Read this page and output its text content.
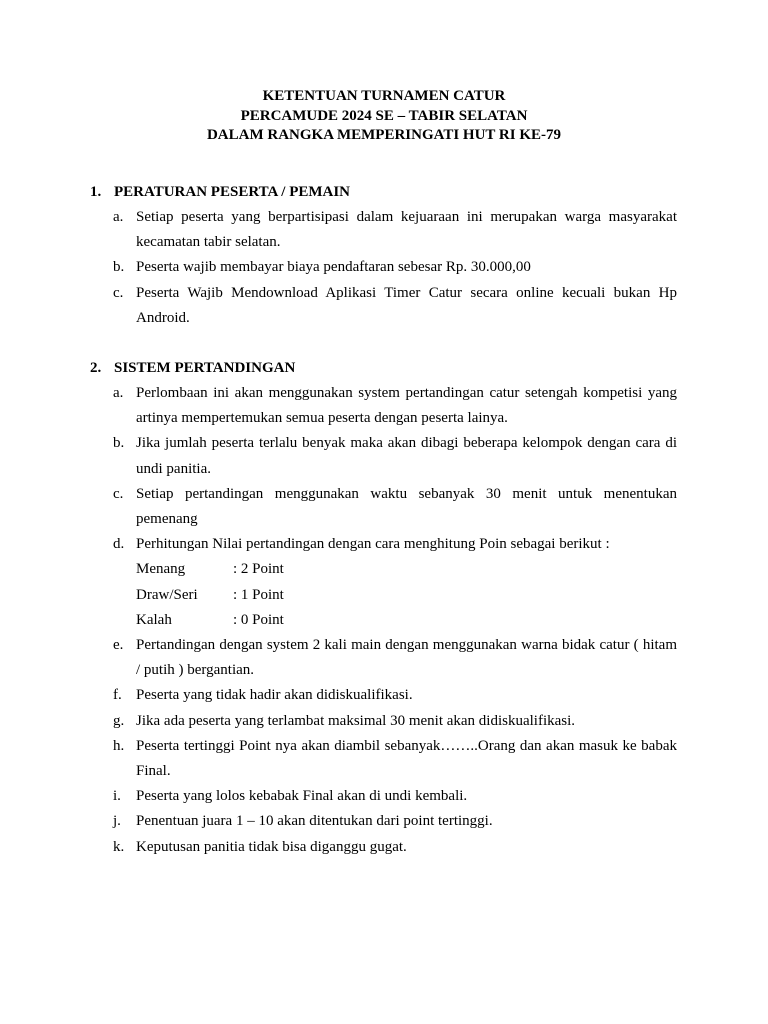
KETENTUAN TURNAMEN CATUR
PERCAMUDE 2024 SE – TABIR SELATAN
DALAM RANGKA MEMPERINGATI HUT RI KE-79
1. PERATURAN PESERTA / PEMAIN
a. Setiap peserta yang berpartisipasi dalam kejuaraan ini merupakan warga masyarakat kecamatan tabir selatan.
b. Peserta wajib membayar biaya pendaftaran sebesar Rp. 30.000,00
c. Peserta Wajib Mendownload Aplikasi Timer Catur secara online kecuali bukan Hp Android.
2. SISTEM PERTANDINGAN
a. Perlombaan ini akan menggunakan system pertandingan catur setengah kompetisi yang artinya mempertemukan semua peserta dengan peserta lainya.
b. Jika jumlah peserta terlalu benyak maka akan dibagi beberapa kelompok dengan cara di undi panitia.
c. Setiap pertandingan menggunakan waktu sebanyak 30 menit untuk menentukan pemenang
d. Perhitungan Nilai pertandingan dengan cara menghitung Poin sebagai berikut :
Menang	: 2 Point
Draw/Seri : 1 Point
Kalah	: 0 Point
e. Pertandingan dengan system 2 kali main dengan menggunakan warna bidak catur ( hitam / putih ) bergantian.
f. Peserta yang tidak hadir akan didiskualifikasi.
g. Jika ada peserta yang terlambat maksimal 30 menit akan didiskualifikasi.
h. Peserta tertinggi Point nya akan diambil sebanyak……..Orang dan akan masuk ke babak Final.
i. Peserta yang lolos kebabak Final akan di undi kembali.
j. Penentuan juara 1 – 10 akan ditentukan dari point tertinggi.
k. Keputusan panitia tidak bisa diganggu gugat.
